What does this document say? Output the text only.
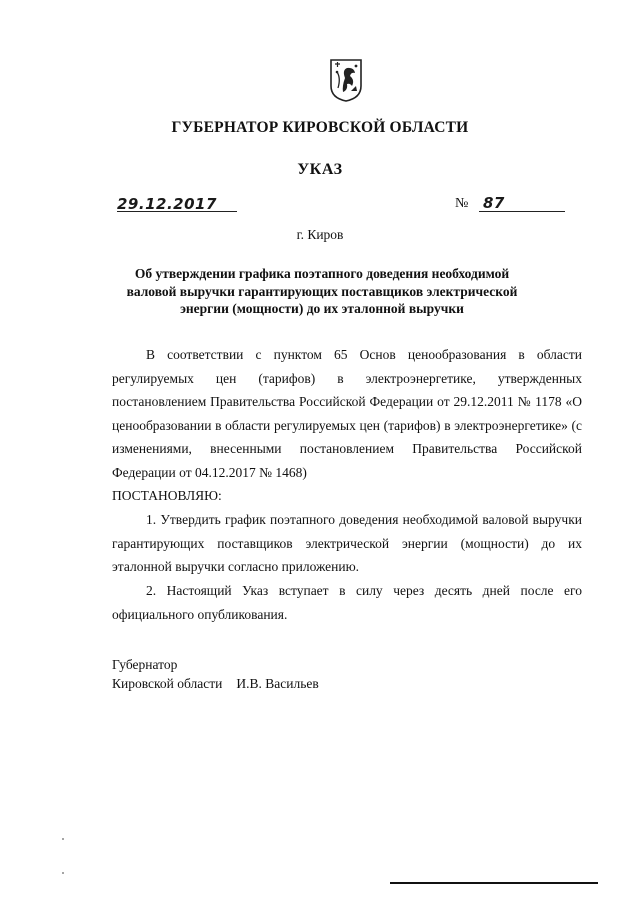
ГУБЕРНАТОР КИРОВСКОЙ ОБЛАСТИ
УКАЗ
29.12.2017	№ 87
г. Киров
Об утверждении графика поэтапного доведения необходимой валовой выручки гарантирующих поставщиков электрической энергии (мощности) до их эталонной выручки
В соответствии с пунктом 65 Основ ценообразования в области регулируемых цен (тарифов) в электроэнергетике, утвержденных постановлением Правительства Российской Федерации от 29.12.2011 № 1178 «О ценообразовании в области регулируемых цен (тарифов) в электроэнергетике» (с изменениями, внесенными постановлением Правительства Российской Федерации от 04.12.2017 № 1468)
ПОСТАНОВЛЯЮ:
1. Утвердить график поэтапного доведения необходимой валовой выручки гарантирующих поставщиков электрической энергии (мощности) до их эталонной выручки согласно приложению.
2. Настоящий Указ вступает в силу через десять дней после его официального опубликования.
Губернатор
Кировской области И.В. Васильев
